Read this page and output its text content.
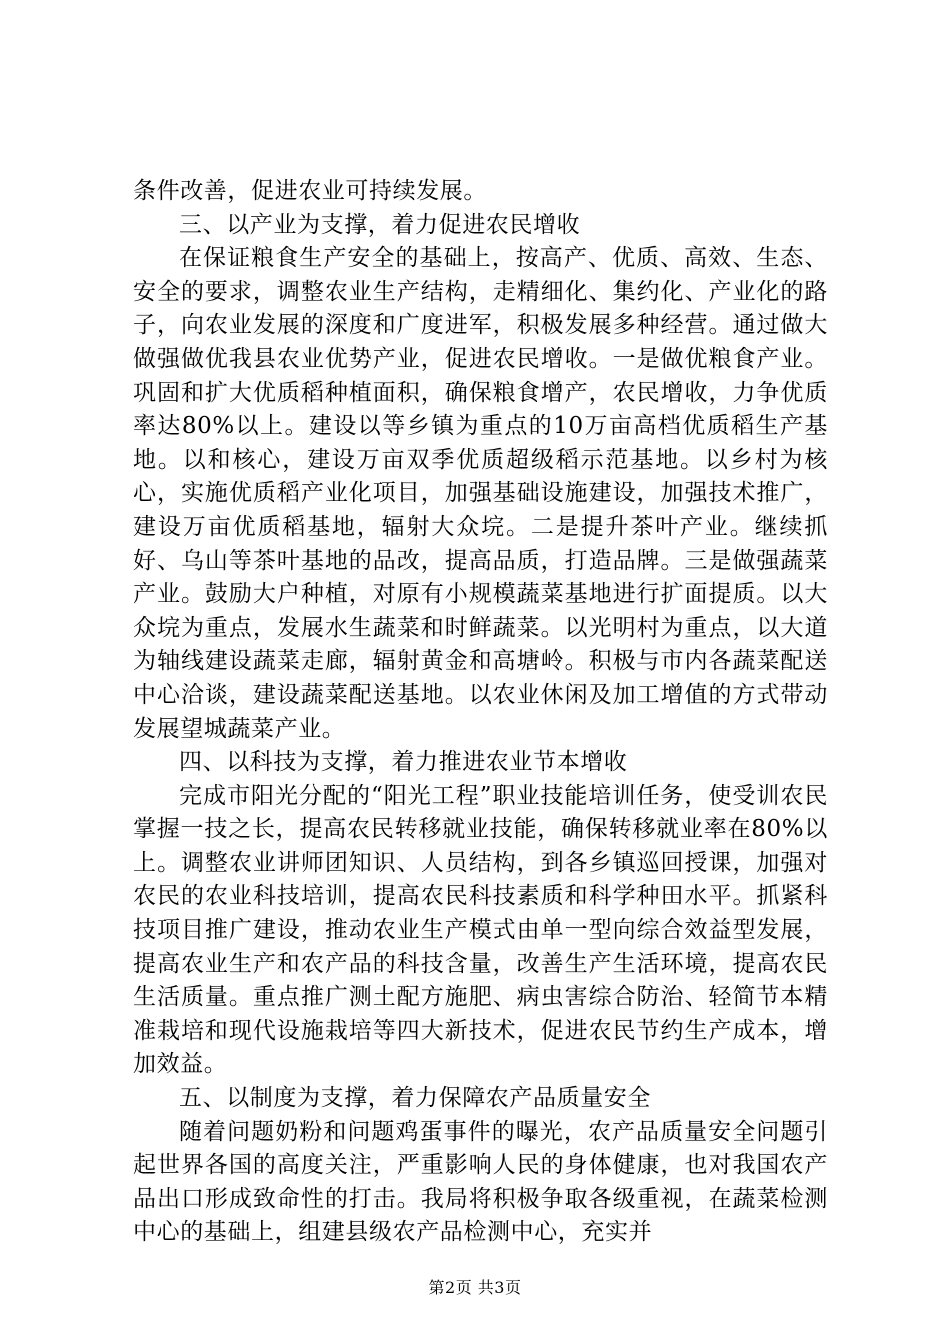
条件改善，促进农业可持续发展。

三、以产业为支撑，着力促进农民增收

在保证粮食生产安全的基础上，按高产、优质、高效、生态、安全的要求，调整农业生产结构，走精细化、集约化、产业化的路子，向农业发展的深度和广度进军，积极发展多种经营。通过做大做强做优我县农业优势产业，促进农民增收。一是做优粮食产业。巩固和扩大优质稻种植面积，确保粮食增产，农民增收，力争优质率达80%以上。建设以等乡镇为重点的10万亩高档优质稻生产基地。以和核心，建设万亩双季优质超级稻示范基地。以乡村为核心，实施优质稻产业化项目，加强基础设施建设，加强技术推广，建设万亩优质稻基地，辐射大众垸。二是提升茶叶产业。继续抓好、乌山等茶叶基地的品改，提高品质，打造品牌。三是做强蔬菜产业。鼓励大户种植，对原有小规模蔬菜基地进行扩面提质。以大众垸为重点，发展水生蔬菜和时鲜蔬菜。以光明村为重点，以大道为轴线建设蔬菜走廊，辐射黄金和高塘岭。积极与市内各蔬菜配送中心洽谈，建设蔬菜配送基地。以农业休闲及加工增值的方式带动发展望城蔬菜产业。

四、以科技为支撑，着力推进农业节本增收

完成市阳光分配的“阳光工程”职业技能培训任务，使受训农民掌握一技之长，提高农民转移就业技能，确保转移就业率在80%以上。调整农业讲师团知识、人员结构，到各乡镇巡回授课，加强对农民的农业科技培训，提高农民科技素质和科学种田水平。抓紧科技项目推广建设，推动农业生产模式由单一型向综合效益型发展，提高农业生产和农产品的科技含量，改善生产生活环境，提高农民生活质量。重点推广测土配方施肥、病虫害综合防治、轻简节本精准栽培和现代设施栽培等四大新技术，促进农民节约生产成本，增加效益。

五、以制度为支撑，着力保障农产品质量安全

随着问题奶粉和问题鸡蛋事件的曝光，农产品质量安全问题引起世界各国的高度关注，严重影响人民的身体健康，也对我国农产品出口形成致命性的打击。我局将积极争取各级重视，在蔬菜检测中心的基础上，组建县级农产品检测中心，充实并

第2页 共3页
